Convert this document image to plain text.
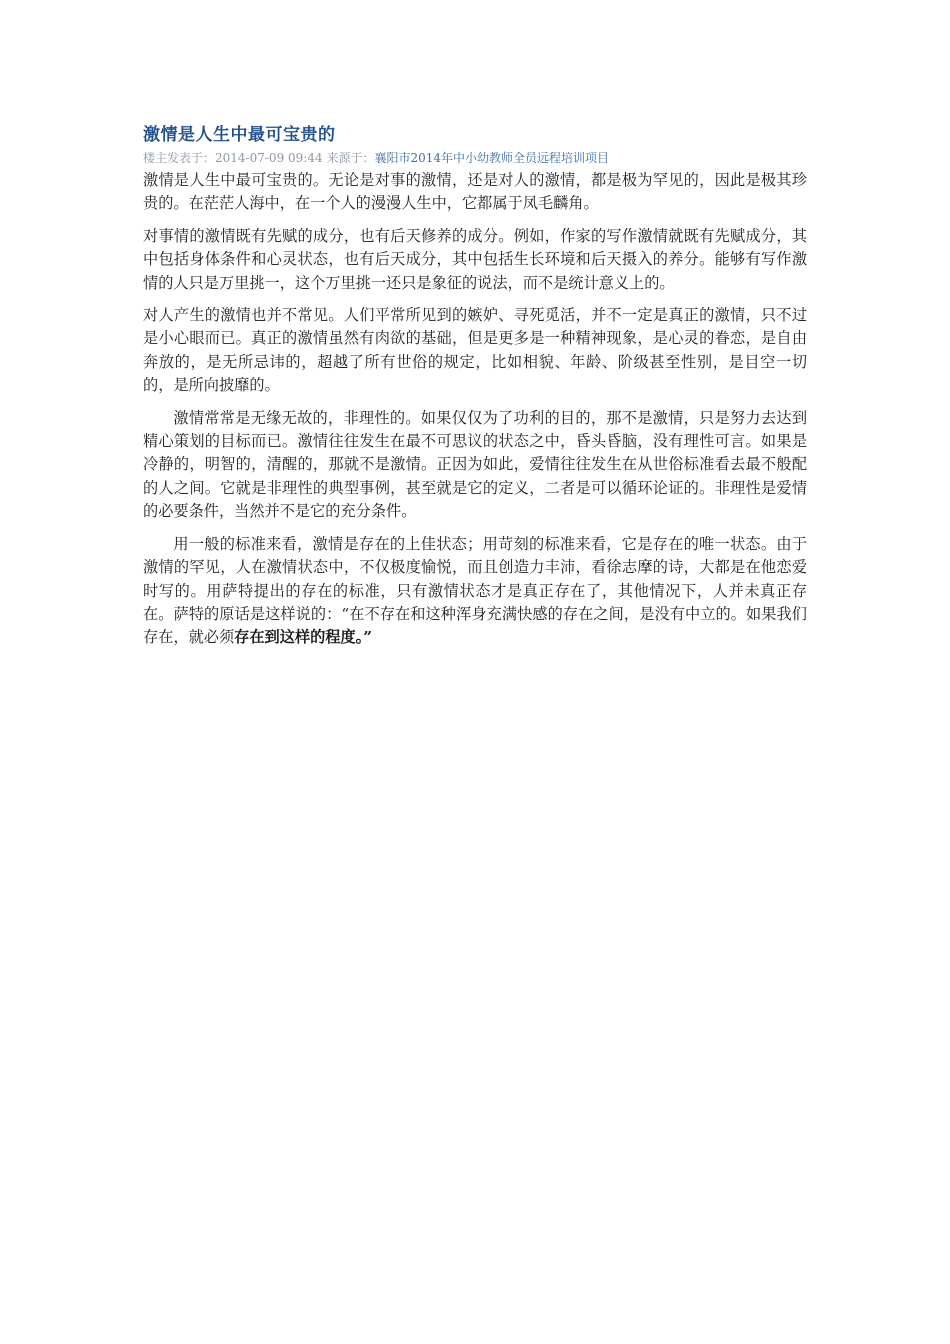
激情是人生中最可宝贵的
楼主发表于：2014-07-09 09:44 来源于：襄阳市2014年中小幼教师全员远程培训项目

激情是人生中最可宝贵的。无论是对事的激情，还是对人的激情，都是极为罕见的，因此是极其珍贵的。在茫茫人海中，在一个人的漫漫人生中，它都属于凤毛麟角。

对事情的激情既有先赋的成分，也有后天修养的成分。例如，作家的写作激情就既有先赋成分，其中包括身体条件和心灵状态，也有后天成分，其中包括生长环境和后天摄入的养分。能够有写作激情的人只是万里挑一，这个万里挑一还只是象征的说法，而不是统计意义上的。

对人产生的激情也并不常见。人们平常所见到的嫉妒、寻死觅活，并不一定是真正的激情，只不过是小心眼而已。真正的激情虽然有肉欲的基础，但是更多是一种精神现象，是心灵的眷恋，是自由奔放的，是无所忌讳的，超越了所有世俗的规定，比如相貌、年龄、阶级甚至性别，是目空一切的，是所向披靡的。

激情常常是无缘无故的，非理性的。如果仅仅为了功利的目的，那不是激情，只是努力去达到精心策划的目标而已。激情往往发生在最不可思议的状态之中，昏头昏脑，没有理性可言。如果是冷静的，明智的，清醒的，那就不是激情。正因为如此，爱情往往发生在从世俗标准看去最不般配的人之间。它就是非理性的典型事例，甚至就是它的定义，二者是可以循环论证的。非理性是爱情的必要条件，当然并不是它的充分条件。

用一般的标准来看，激情是存在的上佳状态；用苛刻的标准来看，它是存在的唯一状态。由于激情的罕见，人在激情状态中，不仅极度愉悦，而且创造力丰沛，看徐志摩的诗，大都是在他恋爱时写的。用萨特提出的存在的标准，只有激情状态才是真正存在了，其他情况下，人并未真正存在。萨特的原话是这样说的：“在不存在和这种浑身充满快感的存在之间，是没有中立的。如果我们存在，就必须存在到这样的程度。”
